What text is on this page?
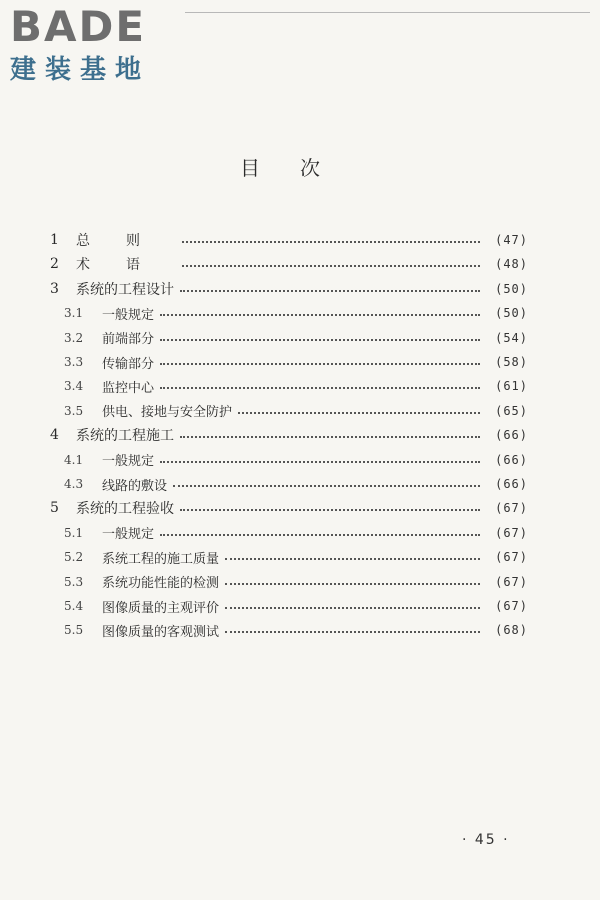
BADE
建装基地
目次
1 总则	(47)
2 术语	(48)
3 系统的工程设计	(50)
3.1 一般规定	(50)
3.2 前端部分	(54)
3.3 传输部分	(58)
3.4 监控中心	(61)
3.5 供电、接地与安全防护	(65)
4 系统的工程施工	(66)
4.1 一般规定	(66)
4.3 线路的敷设	(66)
5 系统的工程验收	(67)
5.1 一般规定	(67)
5.2 系统工程的施工质量	(67)
5.3 系统功能性能的检测	(67)
5.4 图像质量的主观评价	(67)
5.5 图像质量的客观测试	(68)
· 45 ·
